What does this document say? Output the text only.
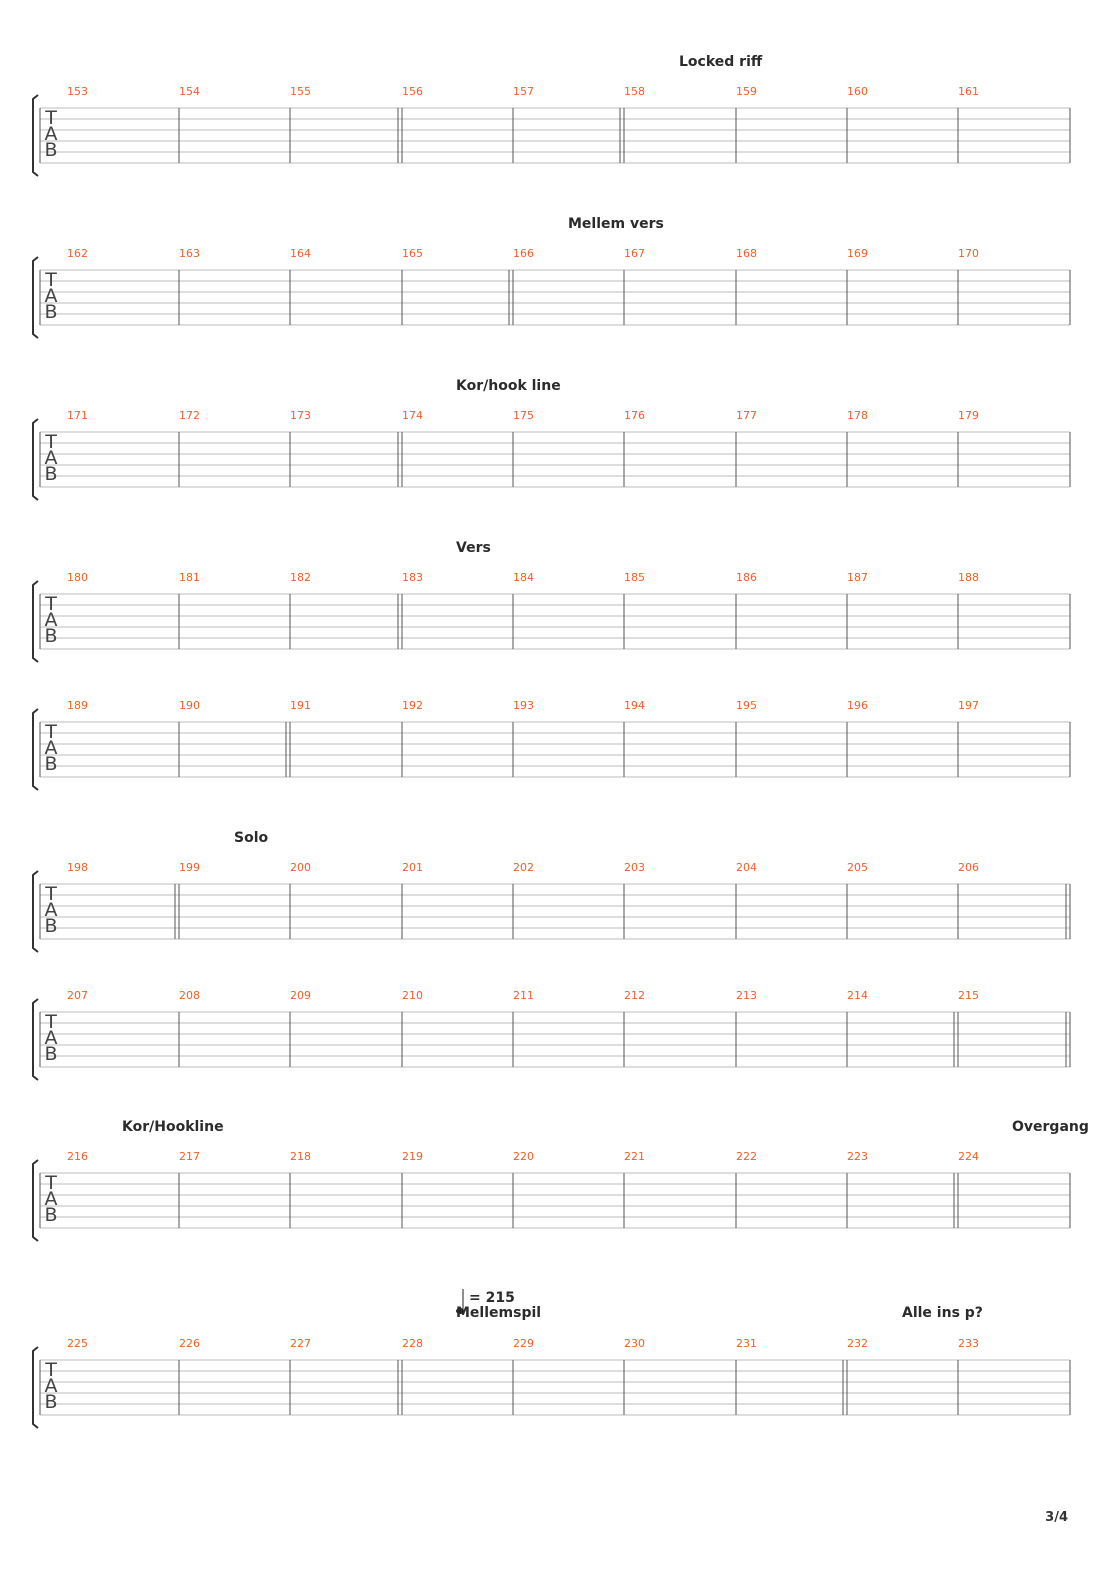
T
A
B
153	154	155	156	157	158	159	160	161
Locked riff
T
A
B
162	163	164	165	166	167	168	169	170
Mellem vers
T
A
B
171	172	173	174	175	176	177	178	179
Kor/hook line
T
A
B
180	181	182	183	184	185	186	187	188
Vers
T
A
B
189	190	191	192	193	194	195	196	197
T
A
B
198	199	200	201	202	203	204	205	206
Solo
T
A
B
207	208	209	210	211	212	213	214	215
T
A
B
216	217	218	219	220	221	222	223	224
Kor/Hookline	Overgang
T
A
B
225	226	227	228	229	230	231	232	233
Mellemspil	Alle ins p?
= 215
3/4
